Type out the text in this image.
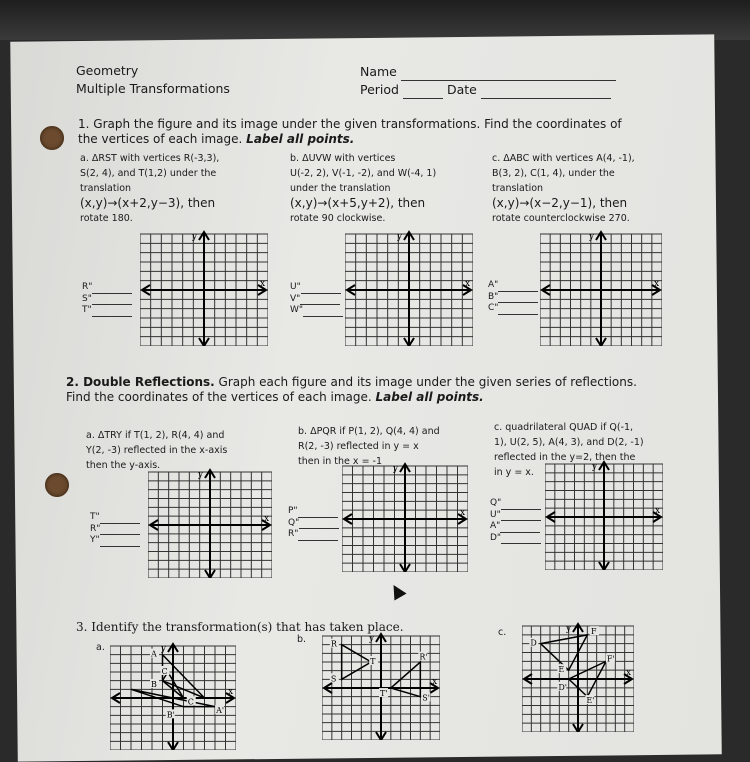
Geometry
Multiple Transformations
Name
Period	Date
1. Graph the figure and its image under the given transformations. Find the coordinates of
the vertices of each image. Label all points.
a. ΔRST with vertices R(-3,3),
S(2, 4), and T(1,2) under the
translation
(x,y)→(x+2,y−3), then
rotate 180.
b. ΔUVW with vertices
U(-2, 2), V(-1, -2), and W(-4, 1)
under the translation
(x,y)→(x+5,y+2), then
rotate 90 clockwise.
c. ΔABC with vertices A(4, -1),
B(3, 2), C(1, 4), under the
translation
(x,y)→(x−2,y−1), then
rotate counterclockwise 270.
R"
S"
T"
U"
V"
W"
A"
B"
C"
x
y
x
y
x
y
2. Double Reflections. Graph each figure and its image under the given series of reflections.
Find the coordinates of the vertices of each image. Label all points.
a. ΔTRY if T(1, 2), R(4, 4) and
Y(2, -3) reflected in the x-axis
then the y-axis.
b. ΔPQR if P(1, 2), Q(4, 4) and
R(2, -3) reflected in y = x
then in the x = -1
c. quadrilateral QUAD if Q(-1,
1), U(2, 5), A(4, 3), and D(2, -1)
reflected in the y=2, then the
in y = x.
T"
R"
Y"
P"
Q"
R"
Q"
U"
A"
D"
x
y
x
y
x
y
3. Identify the transformation(s) that has taken place.
a.
b.
c.
x
y
A
C
B
C
B'	A'
x
y
R
T
S
R'
T'	S'
x
y
D
F
E
F'
D'
E'
